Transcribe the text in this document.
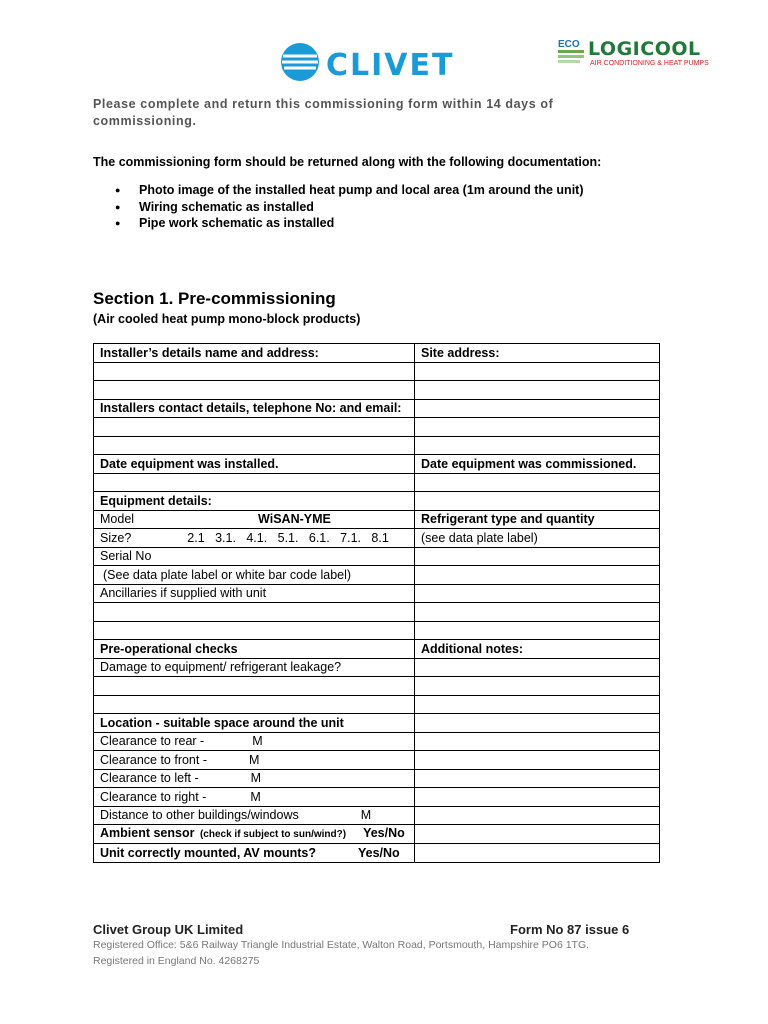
CLIVET
ECO LOGICOOL
AIR CONDITIONING & HEAT PUMPS
Please complete and return this commissioning form within 14 days of
commissioning.
The commissioning form should be returned along with the following documentation:
● Photo image of the installed heat pump and local area (1m around the unit)
● Wiring schematic as installed
● Pipe work schematic as installed
Section 1. Pre-commissioning
(Air cooled heat pump mono-block products)
Installer’s details name and address:	Site address:

Installers contact details, telephone No: and email:	

Date equipment was installed.	Date equipment was commissioned.

Equipment details:	
Model WiSAN-YME	Refrigerant type and quantity
Size? 2.1   3.1.   4.1.   5.1.   6.1.   7.1.   8.1	(see data plate label)
Serial No	
(See data plate label or white bar code label)	
Ancillaries if supplied with unit	

Pre-operational checks	Additional notes:
Damage to equipment/ refrigerant leakage?	

Location - suitable space around the unit	
Clearance to rear - M	

Clearance to front - M	

Clearance to left - M	

Clearance to right - M	

Distance to other buildings/windows M	

Ambient sensor (check if subject to sun/wind?) Yes/No	

Unit correctly mounted, AV mounts? Yes/No	

Clivet Group UK Limited	Form No 87 issue 6
Registered Office: 5&6 Railway Triangle Industrial Estate, Walton Road, Portsmouth, Hampshire PO6 1TG.
Registered in England No. 4268275
